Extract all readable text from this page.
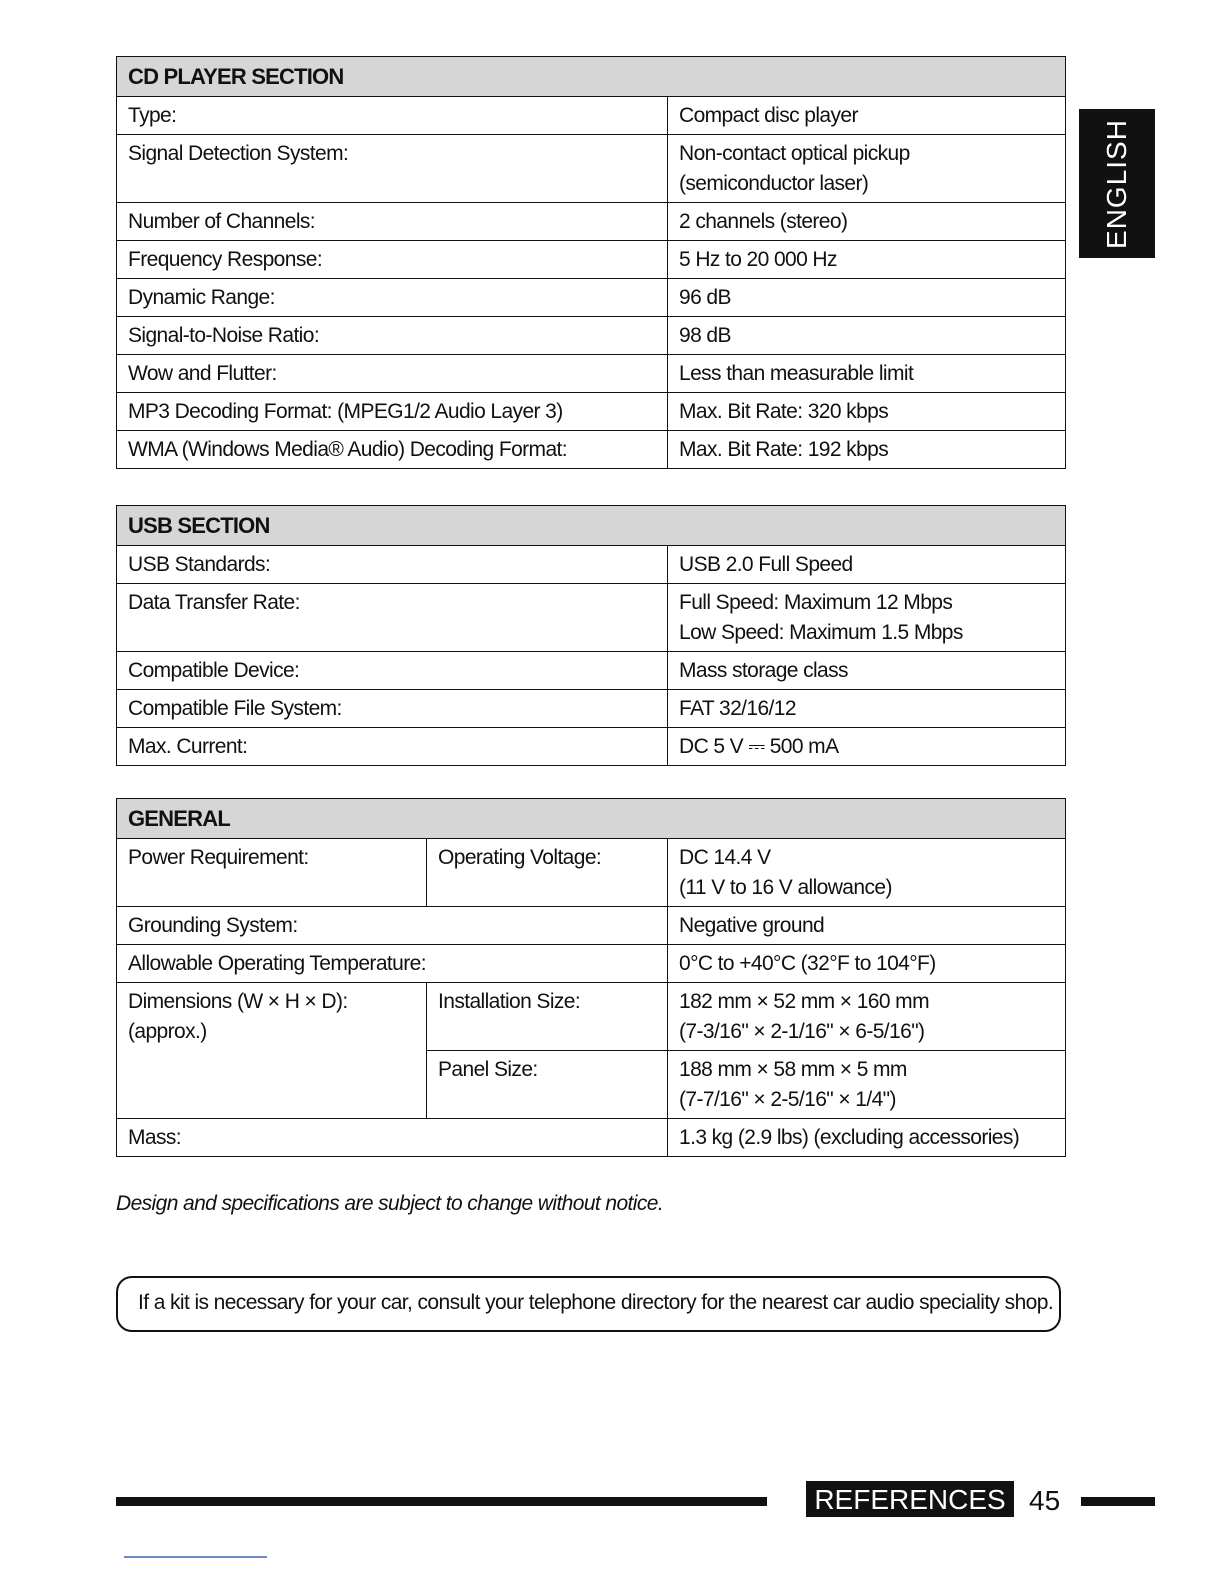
ENGLISH
CD PLAYER SECTION	
Type:	Compact disc player

Signal Detection System:	Non-contact optical pickup
(semiconductor laser)

Number of Channels:	2 channels (stereo)

Frequency Response:	5 Hz to 20 000 Hz

Dynamic Range:	96 dB

Signal-to-Noise Ratio:	98 dB

Wow and Flutter:	Less than measurable limit

MP3 Decoding Format: (MPEG1/2 Audio Layer 3)	Max. Bit Rate: 320 kbps

WMA (Windows Media® Audio) Decoding Format:	Max. Bit Rate: 192 kbps
USB SECTION	
USB Standards:	USB 2.0 Full Speed

Data Transfer Rate:	Full Speed: Maximum 12 Mbps
Low Speed: Maximum 1.5 Mbps

Compatible Device:	Mass storage class

Compatible File System:	FAT 32/16/12

Max. Current:	DC 5 V ⎓ 500 mA
GENERAL		
Power Requirement:	Operating Voltage:	DC 14.4 V
(11 V to 16 V allowance)

Grounding System:		Negative ground
Allowable Operating Temperature:		0°C to +40°C (32°F to 104°F)
Dimensions (W × H × D): (approx.)	Installation Size:	182 mm × 52 mm × 160 mm
(7-3/16" × 2-1/16" × 6-5/16")

	Panel Size:	188 mm × 58 mm × 5 mm
(7-7/16" × 2-5/16" × 1/4")

Mass:		1.3 kg (2.9 lbs) (excluding accessories)
Design and specifications are subject to change without notice.
If a kit is necessary for your car, consult your telephone directory for the nearest car audio speciality shop.
REFERENCES 45
